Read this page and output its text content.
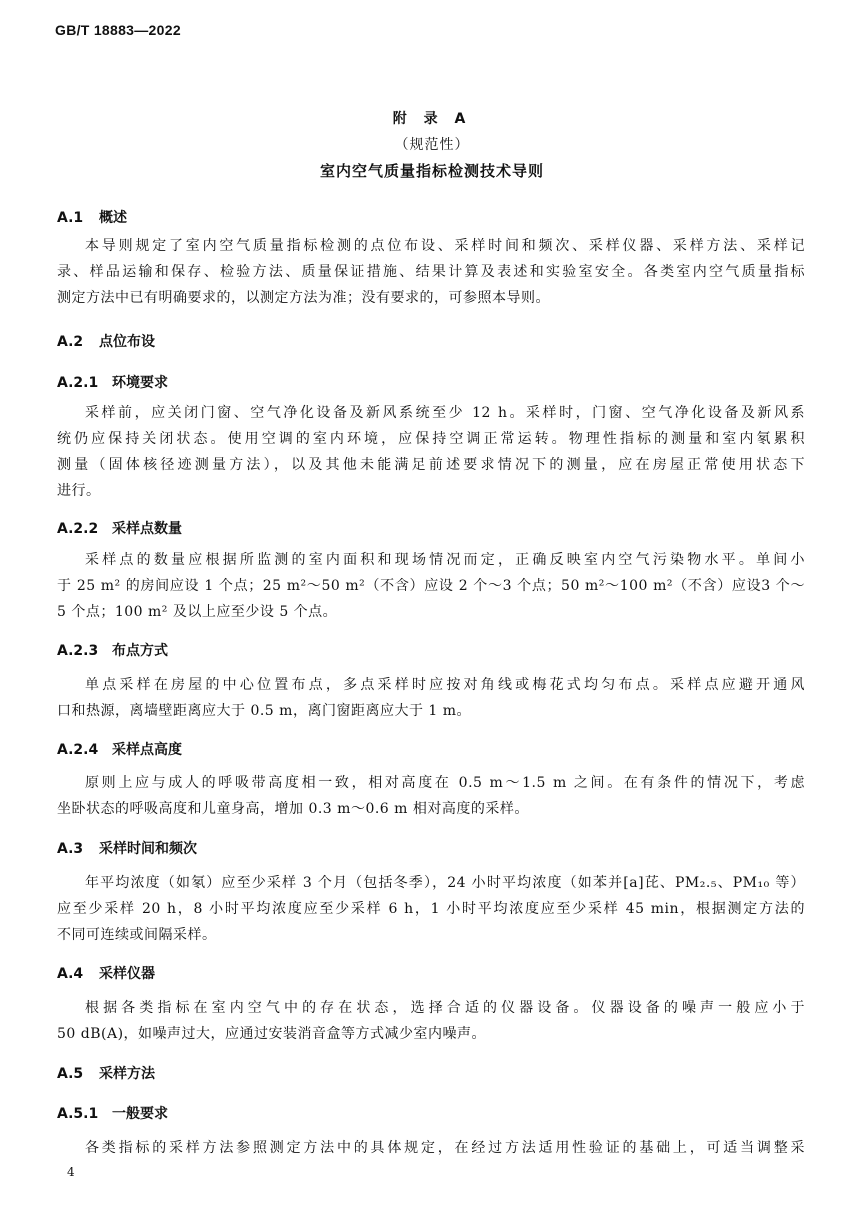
GB/T 18883—2022
附 录 A
（规范性）
室内空气质量指标检测技术导则
A.1 概述
本导则规定了室内空气质量指标检测的点位布设、采样时间和频次、采样仪器、采样方法、采样记
录、样品运输和保存、检验方法、质量保证措施、结果计算及表述和实验室安全。各类室内空气质量指标
测定方法中已有明确要求的，以测定方法为准；没有要求的，可参照本导则。
A.2 点位布设
A.2.1 环境要求
采样前，应关闭门窗、空气净化设备及新风系统至少 12 h。采样时，门窗、空气净化设备及新风系
统仍应保持关闭状态。使用空调的室内环境，应保持空调正常运转。物理性指标的测量和室内氡累积
测量（固体核径迹测量方法），以及其他未能满足前述要求情况下的测量，应在房屋正常使用状态下
进行。
A.2.2 采样点数量
采样点的数量应根据所监测的室内面积和现场情况而定，正确反映室内空气污染物水平。单间小
于 25 m² 的房间应设 1 个点；25 m²～50 m²（不含）应设 2 个～3 个点；50 m²～100 m²（不含）应设3 个～
5 个点；100 m² 及以上应至少设 5 个点。
A.2.3 布点方式
单点采样在房屋的中心位置布点，多点采样时应按对角线或梅花式均匀布点。采样点应避开通风
口和热源，离墙壁距离应大于 0.5 m，离门窗距离应大于 1 m。
A.2.4 采样点高度
原则上应与成人的呼吸带高度相一致，相对高度在 0.5 m～1.5 m 之间。在有条件的情况下，考虑
坐卧状态的呼吸高度和儿童身高，增加 0.3 m～0.6 m 相对高度的采样。
A.3 采样时间和频次
年平均浓度（如氡）应至少采样 3 个月（包括冬季），24 小时平均浓度（如苯并[a]芘、PM₂.₅、PM₁₀ 等）
应至少采样 20 h，8 小时平均浓度应至少采样 6 h，1 小时平均浓度应至少采样 45 min，根据测定方法的
不同可连续或间隔采样。
A.4 采样仪器
根据各类指标在室内空气中的存在状态，选择合适的仪器设备。仪器设备的噪声一般应小于
50 dB(A)，如噪声过大，应通过安装消音盒等方式减少室内噪声。
A.5 采样方法
A.5.1 一般要求
各类指标的采样方法参照测定方法中的具体规定，在经过方法适用性验证的基础上，可适当调整采
4
